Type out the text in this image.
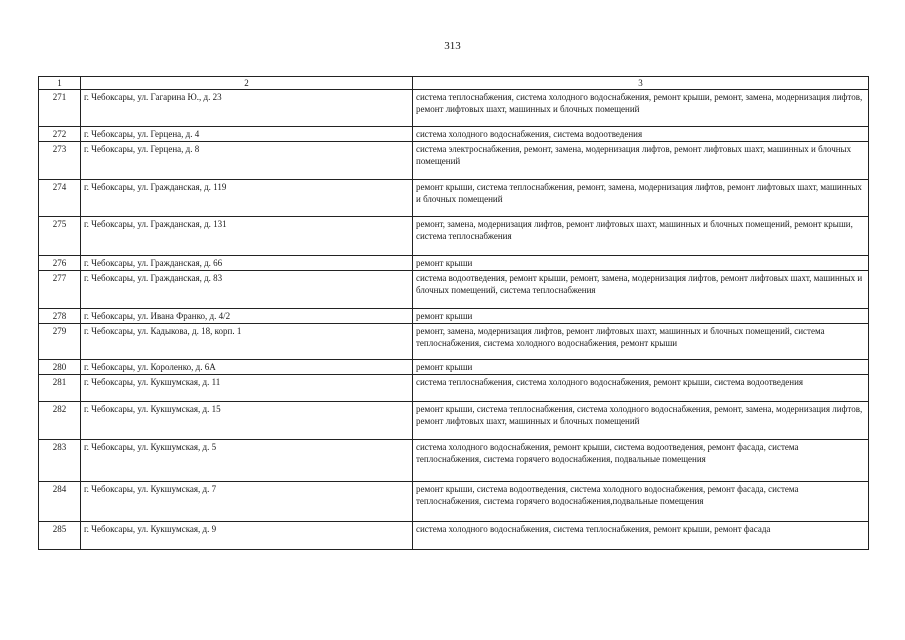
313
1	2	3
271	г. Чебоксары, ул. Гагарина Ю., д. 23	система теплоснабжения, система холодного водоснабжения, ремонт крыши, ремонт, замена, модернизация лифтов, ремонт лифтовых шахт, машинных и блочных помещений
272	г. Чебоксары, ул. Герцена, д. 4	система холодного водоснабжения, система водоотведения
273	г. Чебоксары, ул. Герцена, д. 8	система электроснабжения, ремонт, замена, модернизация лифтов, ремонт лифтовых шахт, машинных и блочных помещений
274	г. Чебоксары, ул. Гражданская, д. 119	ремонт крыши, система теплоснабжения, ремонт, замена, модернизация лифтов, ремонт лифтовых шахт, машинных и блочных помещений
275	г. Чебоксары, ул. Гражданская, д. 131	ремонт, замена, модернизация лифтов, ремонт лифтовых шахт, машинных и блочных помещений, ремонт крыши, система теплоснабжения
276	г. Чебоксары, ул. Гражданская, д. 66	ремонт крыши
277	г. Чебоксары, ул. Гражданская, д. 83	система водоотведения, ремонт крыши, ремонт, замена, модернизация лифтов, ремонт лифтовых шахт, машинных и блочных помещений, система теплоснабжения
278	г. Чебоксары, ул. Ивана Франко, д. 4/2	ремонт крыши
279	г. Чебоксары, ул. Кадыкова, д. 18, корп. 1	ремонт, замена, модернизация лифтов, ремонт лифтовых шахт, машинных и блочных помещений, система теплоснабжения, система холодного водоснабжения, ремонт крыши
280	г. Чебоксары, ул. Короленко, д. 6А	ремонт крыши
281	г. Чебоксары, ул. Кукшумская, д. 11	система теплоснабжения, система холодного водоснабжения, ремонт крыши, система водоотведения
282	г. Чебоксары, ул. Кукшумская, д. 15	ремонт крыши, система теплоснабжения, система холодного водоснабжения, ремонт, замена, модернизация лифтов, ремонт лифтовых шахт, машинных и блочных помещений
283	г. Чебоксары, ул. Кукшумская, д. 5	система холодного водоснабжения, ремонт крыши, система водоотведения, ремонт фасада, система теплоснабжения, система горячего водоснабжения, подвальные помещения
284	г. Чебоксары, ул. Кукшумская, д. 7	ремонт крыши, система водоотведения, система холодного водоснабжения, ремонт фасада, система теплоснабжения, система горячего водоснабжения,подвальные помещения
285	г. Чебоксары, ул. Кукшумская, д. 9	система холодного водоснабжения, система теплоснабжения, ремонт крыши, ремонт фасада
